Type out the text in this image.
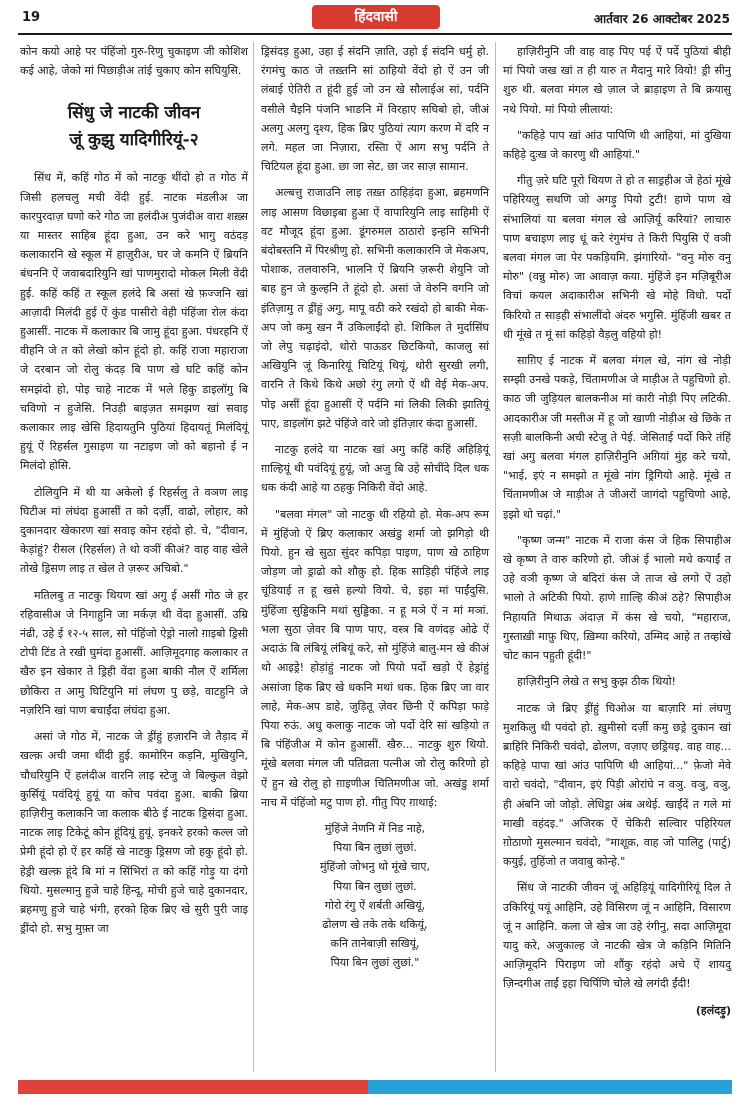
19	हिंदवासी	आर्तवार 26 आक्टोबर 2025

कोन कयो आहे पर पंहिंजो गुरु-रिणु चुकाइण जी कोशिश कई आहे, जेको मां पिछाड़ीअ तांई चुकाए कोन सघियुसि.

सिंधु जे नाटकी जीवन
जूं कुझु यादिगीरियूं-२

सिंध में, कहिं गोठ में को नाटकु थींदो हो त गोठ में जिसी हलचलु मची वेंदी हुई. नाटक मंडलीअ जा कारपुरदाज़ घणो करे गोठ जा हलंदीअ पुजंदीअ वारा शख़्स या मास्तर साहिब हूंदा हुआ, उन करे भागु वठंदड़ कलाकारनि खे स्कूल में हाज़ुरीअ, घर जे कमनि ऐं ब्रियनि बंधननि ऐं जवाबदारियुनि खां पाणमुरादो मोकल मिली वेंदी हुई. कहिं कहिं त स्कूल हलंदे बि असां खे फ़ज्जनि खां आज़ादी मिलंदी हुई ऐं कुंड पासीरो वेही पंहिंजा रोल कंदा हुआसीं. नाटक में कलाकार बि जामु हूंदा हुआ. पंधरहनि ऐं वीहनि जे त को लेखो कोन हूंदो हो. कहिं राजा महाराजा जे दरबान जो रोलु कंदड़ बि पाण खे घटि कहिं कोन समझंदो हो, पोइ चाहे नाटक में भले हिकु डाइलॉगु बि चविणो न हुजेसि. निउड़ी बाइज़त समझण खां सवाइ कलाकार लाइ खेसि हिदायतुनि पुठियां हिदायतूं मिलंदियूं हुयूं ऐं रिहर्सल गुसाइण या नटाइण जो को बहानो ई न मिलंदो होसि.

टोलियुनि में थी या अकेलो ई रिहर्सलु ते वञण लाइ घिटीअ मां लंघंदा हुआसीं त को दर्ज़ी, वाढो, लोहार, को दुकानदार खेकारण खां सवाइ कोन रहंदो हो. चे, "दीवान, केड़ांहुं? रीसल (रिहर्सल) ते थो वञीं कीअं? वाह वाह खेले तोखे ड्रिसण लाइ त खेल ते ज़रूर अचिबो."

मतिलबु त नाटकु थियण खां अगु ई असीं गोठ जे हर रहिवासीअ जे निगाहुनि जा मर्कज़ थी वेंदा हुआसीं. उम्रि नंढी, उहे ई १२-५ साल, सो पंहिंजो ऐड्रो नालो ग़ाइबो ड्रिसी टोपी टिंड ते रखी घुमंदा हुआसीं. आज़िमूदगाह कलाकार त खैरु इन खेकार ते ड्रिही वेंदा हुआ बाकी नौल ऐं शर्मिला छोकिरा त आमु घिटियुनि मां लंघण पु छड़े, वाटहुनि जे नज़रिनि खां पाण बचाईंदा लंघंदा हुआ.

असां जे गोठ में, नाटक जे ड्रींहुं हज़ारनि जे तैड़ाद में खल्क़ अची जमा थींदी हुई. कामोरिन कड़नि, मुखियुनि, चौधरियुनि ऐं हलंदीअ वारनि लाइ स्टेजु जे बिल्कुल वेझो कुर्सियूं पवंदियूं हुयूं या कोच पवंदा हुआ. बाकी ब्रिया हाज़िरीनु कलाकनि जा कलाक बीठे ई नाटक ड्रिसंदा हुआ. नाटक लाइ टिकेटूं कोन हूंदियूं हुयूं. इनकरे हरको कल्ल जो प्रेमी हूंदो हो ऐं हर कहिं खे नाटकु ड्रिसण जो हकु हूंदो हो. हेड्री खल्क़ हूंदे बि मां न सिंभिरां त को कहिं गोड़ु या दंगो थियो. मुसल्मानु हुजे चाहे हिन्दू, मोची हुजे चाहे दुकानदार, ब्रहमणु हुजे चाहे भंगी, हरको हिक ब्रिए खे सुरी पुरी जाइ ड्रींदो हो. सभु मुफ़्त जा

ड्रिसंदड़ हुआ, उहा ई संदनि ज़ाति, उहो ई संदनि धर्मु हो. रंगमंचु काठ जे तख़्तनि सां ठाहियो वेंदो हो ऐं उन जी लंबाई ऐतिरी त हूंदी हुई जो उन खे सौलाईअ सां, पर्दनि वसीले चैइनि पंजनि भाङनि में विरहाए सघिबो हो, जीअं अलगु अलगु दृश्य, हिक ब्रिए पुठियां त्याग करण में दरि न लगे. महल जा निज़ारा, रस्तिा ऐं आग सभु पर्दनि ते चिटियल हूंदा हुआ. छा जा सेट, छा जर साज़ सामान.

अल्बत्तु राजाउनि लाइ तख़्त ठाहिड़ंदा हुआ, ब्रहमणनि लाइ आसण विछाइबा हुआ ऐं वापारियुनि लाइ साहिमी ऐं वट मौजूद हूंदा हुआ. डूंगरुमल ठाठारो इन्हनि सभिनी बंदोबस्तनि में पिरश्रीणु हो. सभिनी कलाकारनि जे मेकअप, पोशाक, तलवारुनि, भालनि ऐं ब्रियनि ज़रूरी शेयुनि जो बाह हुन जे कुल्हनि ते हूंदो हो. असां जे वेरुनि वगनि जो इंतिज़ामु त ड्रींहुं अगु, मापू वठी करे रखंदो हो बाकी मेक-अप जो कमु खन नैं उकिलाईंदो हो. शिकिल ते मुर्दासिंघ जो लेपु चढ़ाइंदो, थोरो पाऊडर छिटकियो, काजलु सां अखियुनि जूं किनारियूं चिटियूं थियूं, थोरी सुरखी लगी, वारनि ते किथे किथे अछो रंगु लगो ऐं थी वेई मेक-अप. पोइ असीं हूंदा हुआसीं ऐं पर्दनि मां लिकी लिकी झातियूं पाए, डाइलॉग झटे पंहिंजे वारे जो इंतिज़ार कंदा हुआसीं.

नाटकु हलंदे या नाटक खां अगु कहिं कहिं अहिड़ियूं ग़ाल्हियूं थी पवंदियूं हुयूं, जो अजु बि उहे सोचींदे दिल धक धक कंदी आहे या ठहकु निकिरी वेंदो आहे.

"बलवा मंगल" जो नाटकु थी रहियो हो. मेक-अप रूम में मुंहिंजो ऐं ब्रिए कलाकार अखंडु शर्मा जो झगिड़ो थी पियो. हुन खे सुठा सुंदर कपिड़ा पाइण, पाण खे ठाहिण जोड़ण जो ड्राढो को शौक़ु हो. हिक साड़िही पंहिंजे लाइ चूंडियाई त हू खसे हल्यो वियो. चे, इहा मां पाईंदुसि. मुंहिंजा सुड्डिकनि मथां सुड्डिका. न हू मञे ऐं न मां मञां. भला सुठा ज़ेवर बि पाण पाए, वस्त्र बि वणंदड़ ओढे ऐं अदाऊं बि लंबियूं लंबियूं करे, सो मुंहिंजे बालु-मन खे कीअं थो आइड्रे! होड़ांहुं नाटक जो पियो पर्दो खड़ो ऐं हेड्रांहुं असांजा हिक ब्रिए खे धकनि मथां धक. हिक ब्रिए जा वार लाहे, मेक-अप डाहे, जुड़ितू ज़ेवर छिनी ऐं कपिड़ा फाड़े पिया रुऊं. अधु कलाकु नाटक जो पर्दो देरि सां खड़ियो त बि पंहिंजीअ में कोन हुआसीं. खैरु... नाटकु शुरु थियो. मूंखे बलवा मंगल जी पतिव्रता पत्नीअ जो रोलु करिणो हो ऐं हुन खे रोलु हो ग़ाइणीअ चितिमणीअ जो. अखंडु शर्मा नाच में पंहिंजो मटु पाण हो. गीतु पिए ग़ाथाई:

मुंहिंजे नेणनि में निड नाहे,
पिया बिन लुछां लुछां.
मुंहिंजो जोभनु थो मूंखे चाए,
पिया बिन लुछां लुछां.
गोरो रंगु ऐं शर्बती अखियूं,
ढोलण खे तके तके थकियूं,
कनि तानेबाज़ी सखियूं,
पिया बिन लुछां लुछां."

हाज़िरीनुनि जी वाह वाह पिए पई ऐं पर्दे पुठियां बीही मां पियो जख खां त ही यारु त मैदानु मारे वियो! ड्री सीनु शुरु थी. बलवा मंगल खे ज़ाल जे ब्राड़ाइण ते बि क्रयासु नथे पियो. मां पियो लीलायां:

"कहिड़े पाप खां आंउ पापिणि थी आहियां, मां दुखिया कहिड़े दुःख जे कारणु थी आहियां."

गीतु ज़रे घटि पूरो थियण ते हो त साड्रहीअ जे हेठां मूंखे पहिरियलु सथणि जो अगड़ु पियो टुटी! हाणे पाण खे संभालियां या बलवा मंगल खे आज़िर्यू करियां? लाचारु पाण बचाइण लाइ धूं करे रंगुमंच ते किरी पियुसि ऐं वञी बलवा मंगल जा पेर पकड़ियमि. झंगारियो- "वनु मोरु वनु मोरु" (वन्नु मोरु) जा आवाज़ कया. मुंहिंजे इन मज़िबूरीअ विचां कयल अदाकारीअ सभिनी खे मोहे विधो. पर्दो किरियो त साड़ही संभालींदो अंदरु भगुसि. मुंहिंजी खबर त थी मूंखे त मूं सां कहिड़ो वैड़लु वहियो हो!

साग़िए ई नाटक में बलवा मंगल खे, नांग खे नोड़ी सम्झी उनखे पकड़े, चिंतामणीअ जे माड़ीअ ते पहुचिणो हो. काठ जी जुड़ियल बालकनीअ मां कारी नोड़ी पिए लटिकी. आदकारीअ जी मस्तीअ में हू जो खाणी नोड़ीअ खे छिके त सज़ी बालकिनी अची स्टेजु ते पेई. जेसिताई पर्दो किरे तंहिं खां अगु बलवा मंगल हाज़िरीनुनि अग़ियां मुंह करे चयो, "भाई, इएं न समझो त मूंखे नांग ड्रिगियो आहे. मूंखे त चिंतामणीअ जे माड़ीअ ते जीअरों जागंदो पहुचिणो आहे, इझो थो चढ़ां."

"कृष्ण जन्म" नाटक में राजा कंस जे हिक सिपाहीअ खे कृष्ण ते वारु करिणो हो. जीअं ई भालो मथे कयाईं त उहे वञी कृष्ण जे बदिरां कंस जे ताज खे लगो ऐं उहो भालो ते अटिकी पियो. हाणे ग़ाल्हि कीअं ठहे? सिपाहीअ निहायति मिथाऊ अंदाज़ में कंस खे चयो, "महाराज, गुस्ताख़ी माफ़ु थिए, ख़िम्या करियो, उम्मिद आहे त तव्हांखे चोट कान पहुती हूंदी!"

हाज़िरीनुनि लेखे त सभु कुझ ठीक थियो!

नाटक जे ब्रिए ड्रींहुं घिओअ या बाज़ारि मां लंघणु मुशकिलु थी पवंदो हो. ख़ुमीसो दर्ज़ी कमु छड्रे दुकान खां ब्राहिरि निकिरी चवंदो, ढोलण, वज़ाए छड्रियइ. वाह वाह... कहिड़े पापा खां आंउ पापिणि थी आहियां..." फ़ेजो मेवे वारो चवंदो, "दीवान, इएं पिड़ी ओरांघे न वञु. वञु, वञु, ही अंबनि जो जोड़ो. लेधिड्रा अंब अथेई. खाईंदें त गले मां माखी वहंदइ." अजिरक ऐं चेकिरी सल्विार पहिरियल ग़ोठाणो मुसल्मान चवंदो, "माशूक़, वाह जो पालिटु (पार्टु) कयुई, तुहिंजो त जवाबु कोन्हे."

सिंध जे नाटकी जीवन जूं अहिड़ियूं यादिगीरियूं दिल ते उकिरियूं पयूं आहिनि, उहे विसिरण जूं न आहिनि, विसारण जूं न आहिनि. कला जे खेत्र जा उहे रंगीनु, सदा आज़िमूदा यादु करे, अजुकाल्ह जे नाटकी खेत्र जे कड़िनि मितिनि आज़िमूदनि पिराइण जो शौंकु रहंदो अचे ऐं शायदु ज़िन्दगीअ ताईं इहा चिर्पिणि चोले खे लगंदी ईंदी!

(हलंदड़ु)
